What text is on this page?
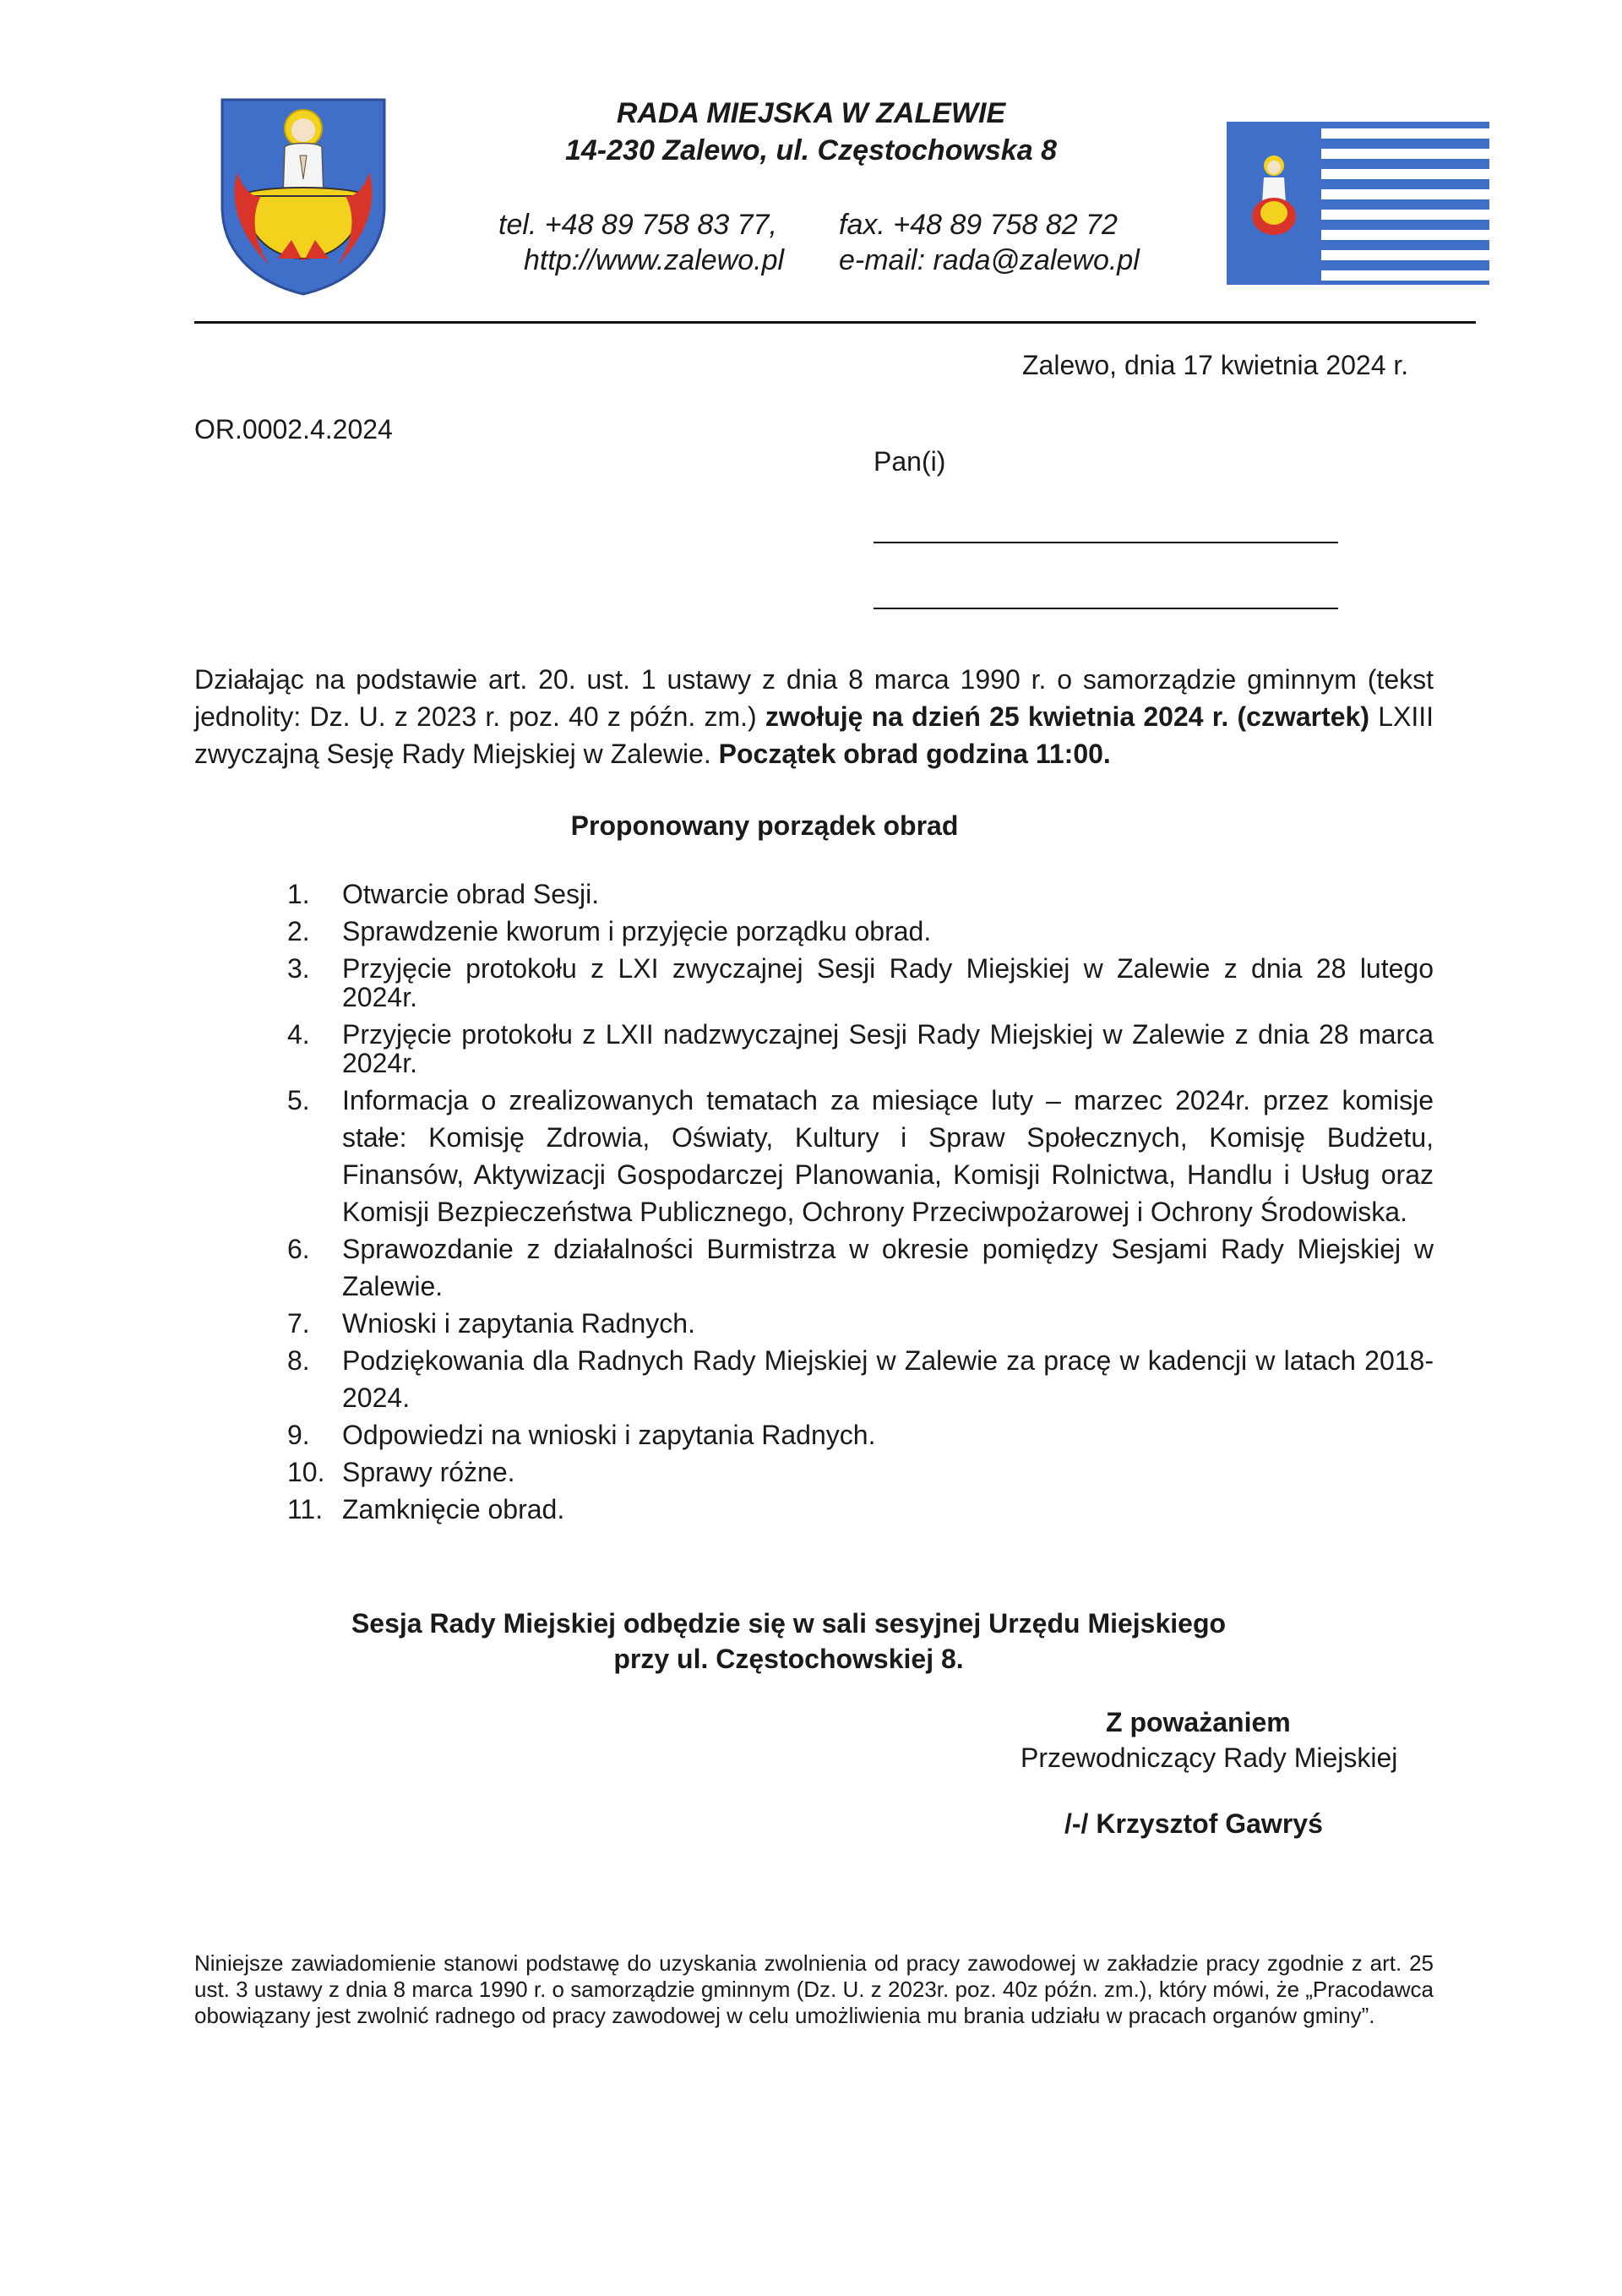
RADA MIEJSKA W ZALEWIE
14-230 Zalewo, ul. Częstochowska 8
tel. +48 89 758 83 77, fax. +48 89 758 82 72
http://www.zalewo.pl e-mail: rada@zalewo.pl
Zalewo, dnia 17 kwietnia 2024 r.
OR.0002.4.2024
Pan(i)
Działając na podstawie art. 20. ust. 1 ustawy z dnia 8 marca 1990 r. o samorządzie gminnym (tekst jednolity: Dz. U. z 2023 r. poz. 40 z późn. zm.) zwołuję na dzień 25 kwietnia 2024 r. (czwartek) LXIII zwyczajną Sesję Rady Miejskiej w Zalewie. Początek obrad godzina 11:00.
Proponowany porządek obrad
1.	Otwarcie obrad Sesji.
2.	Sprawdzenie kworum i przyjęcie porządku obrad.
3.	Przyjęcie protokołu z LXI zwyczajnej Sesji Rady Miejskiej w Zalewie z dnia 28 lutego 2024r.
4.	Przyjęcie protokołu z LXII nadzwyczajnej Sesji Rady Miejskiej w Zalewie z dnia 28 marca 2024r.
5.	Informacja o zrealizowanych tematach za miesiące luty – marzec 2024r. przez komisje stałe: Komisję Zdrowia, Oświaty, Kultury i Spraw Społecznych, Komisję Budżetu, Finansów, Aktywizacji Gospodarczej Planowania, Komisji Rolnictwa, Handlu i Usług oraz Komisji Bezpieczeństwa Publicznego, Ochrony Przeciwpożarowej i Ochrony Środowiska.
6.	Sprawozdanie z działalności Burmistrza w okresie pomiędzy Sesjami Rady Miejskiej w Zalewie.
7.	Wnioski i zapytania Radnych.
8.	Podziękowania dla Radnych Rady Miejskiej w Zalewie za pracę w kadencji w latach 2018-2024.
9.	Odpowiedzi na wnioski i zapytania Radnych.
10. Sprawy różne.
11. Zamknięcie obrad.
Sesja Rady Miejskiej odbędzie się w sali sesyjnej Urzędu Miejskiego
przy ul. Częstochowskiej 8.
Z poważaniem
Przewodniczący Rady Miejskiej
/-/ Krzysztof Gawryś
Niniejsze zawiadomienie stanowi podstawę do uzyskania zwolnienia od pracy zawodowej w zakładzie pracy zgodnie z art. 25 ust. 3 ustawy z dnia 8 marca 1990 r. o samorządzie gminnym (Dz. U. z 2023r. poz. 40z późn. zm.), który mówi, że „Pracodawca obowiązany jest zwolnić radnego od pracy zawodowej w celu umożliwienia mu brania udziału w pracach organów gminy”.
